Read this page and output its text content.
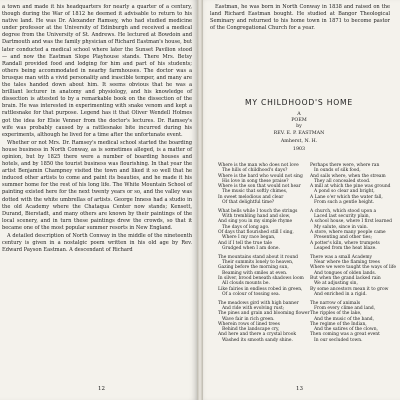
a town and made it his headquarters for nearly a quarter of a century, though during the War of 1812 he deemed it advisable to return to his native land. He was Dr. Alexander Ramsey, who had studied medicine under professor at the University of Edinburgh and received a medical degree from the University of St. Andrews. He lectured at Bowdoin and Dartmouth and was the family physician of Richard Eastman's house, but later conducted a medical school where later the Sunset Pavilion stood — and now the Eastman Slope Playhouse stands. There Mrs. Betsy Randall provided food and lodging for him and part of his students; others being accommodated in nearby farmhouses. The doctor was a brusque man with a vivid personality and irascible temper, and many are the tales handed down about him. It seems obvious that he was a brilliant lecturer in anatomy and physiology, and his knowledge of dissection is attested to by a remarkable book on the dissection of the brain. He was interested in experimenting with snake venom and kept a rattlesnake for that purpose. Legend has it that Oliver Wendell Holmes got the idea for Elsie Venner from the doctor's lectures. Dr. Ramsey's wife was probably caused by a rattlesnake bite incurred during his experiments, although he lived for a time after the unfortunate event.

Whether or not Mrs. Dr. Ramsey's medical school started the boarding house business in North Conway, as is sometimes alleged, is a matter of opinion, but by 1825 there were a number of boarding houses and hotels, and by 1850 the tourist business was flourishing. In that year the artist Benjamin Champney visited the town and liked it so well that he induced other artists to come and paint its beauties, and he made it his summer home for the rest of his long life. The White Mountain School of painting existed here for the next twenty years or so, and the valley was dotted with the white umbrellas of artists. George Inness had a studio in the old Academy where the Chataqua Center now stands; Kensett, Durand, Bierstadt, and many others are known by their paintings of the local scenery, and in turn these paintings drew the crowds, so that it became one of the most popular summer resorts in New England.

A detailed description of North Conway in the middle of the nineteenth century is given in a nostalgic poem written in his old age by Rev. Edward Payson Eastman. A descendant of Richard

12

Eastman, he was born in North Conway in 1838 and raised on the land Richard Eastman bought. He studied at Bangor Theological Seminary and returned to his home town in 1871 to become pastor of the Congregational Church for a year.

MY CHILDHOOD'S HOME
A
POEM
by
REV. E. P. EASTMAN
Amherst, N. H.
1903
Where is the man who does not love
The hills of childhood's days?
Where is the bard who would not sing
His love in song these praise?
Where is the son that would not hear
The music that softly chimes,
In sweet melodious and clear
Of that delightful time?
What bells while I touch the strings
With trembling hand and slow,
And sing you in my simple rhyme
The days of long ago.
Of days that flourished still I sing,
Where I my race began,
And if I tell the true tale
Grudged when I am done.
The mountains stand about it round
Their summits lonely to heaven,
Gazing before the morning sun,
Beaming with smiles at even.
In silver, brood beneath shadows loom
All clouds mounts be.
Like fairies in endless robed in green,
Of a colour of tossing sea.
The meadows gird with high banner
And ride with evolving rust;
The pines and grain and blooming flower
Wave fair in rich green.
Wherein rows of lined trees
Behind the landscape cry,
And here and there a crystal brook
Washed its smooth sandy shine.
Perhaps there were, where ran
In ounds of silk food,
And sails where, when the stream
They all concealed stood.
A mill at which the pine was ground
A pond so clear and bright,
A Lane o'er which the water fall,
From such a gentle height.
A church, which stood upon a
Laced last security plain,
A school house, where I first learned
My salute, since in vain.
A store, where many people came
Presenting and other ties;
A potter's kiln, where trumpets
Leaped from the heat blaze.
There was a small Academy
Near where the flaming trees
Where we were taught the ways of life
And tongues of olden lands.
But when the grand lacked rain
We at adjusting sin,
By some ancestors mean it to grow
And enriched in a rigid.
The narrow of animals
From every clime and land,
The ripples of the lake,
And the music of the band,
The regime of the Indian,
And the satires of the clown,
Then coming was a great event
In our secluded town.
13
